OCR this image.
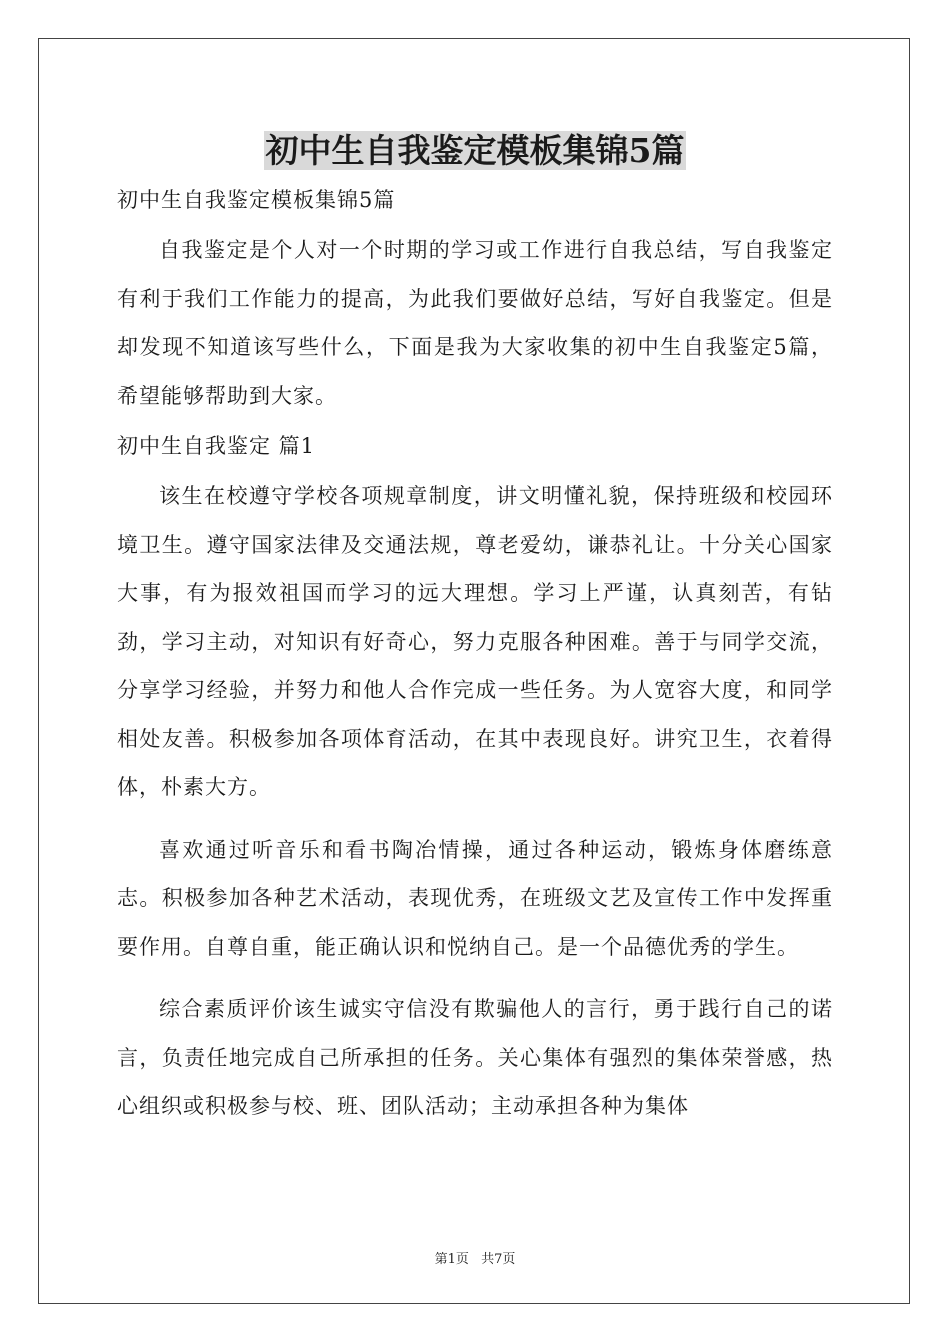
初中生自我鉴定模板集锦5篇

初中生自我鉴定模板集锦5篇

自我鉴定是个人对一个时期的学习或工作进行自我总结，写自我鉴定有利于我们工作能力的提高，为此我们要做好总结，写好自我鉴定。但是却发现不知道该写些什么，下面是我为大家收集的初中生自我鉴定5篇，希望能够帮助到大家。

初中生自我鉴定 篇1

该生在校遵守学校各项规章制度，讲文明懂礼貌，保持班级和校园环境卫生。遵守国家法律及交通法规，尊老爱幼，谦恭礼让。十分关心国家大事，有为报效祖国而学习的远大理想。学习上严谨，认真刻苦，有钻劲，学习主动，对知识有好奇心，努力克服各种困难。善于与同学交流，分享学习经验，并努力和他人合作完成一些任务。为人宽容大度，和同学相处友善。积极参加各项体育活动，在其中表现良好。讲究卫生，衣着得体，朴素大方。

喜欢通过听音乐和看书陶冶情操，通过各种运动，锻炼身体磨练意志。积极参加各种艺术活动，表现优秀，在班级文艺及宣传工作中发挥重要作用。自尊自重，能正确认识和悦纳自己。是一个品德优秀的学生。

综合素质评价该生诚实守信没有欺骗他人的言行，勇于践行自己的诺言，负责任地完成自己所承担的任务。关心集体有强烈的集体荣誉感，热心组织或积极参与校、班、团队活动；主动承担各种为集体

第1页 共7页
